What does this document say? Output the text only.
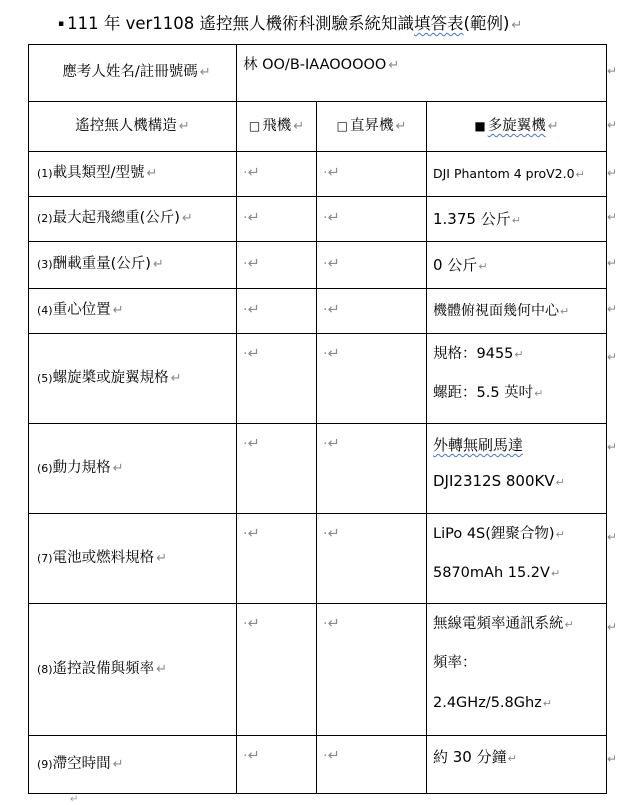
▪ 111 年 ver1108 遙控無人機術科測驗系統知識填答表(範例) ↵
應考人姓名/註冊號碼 ↵	林 OO/B-IAAOOOOO ↵		
遙控無人機構造 ↵	□ 飛機 ↵	□ 直昇機 ↵	■ 多旋翼機 ↵
(1)載具類型/型號 ↵	·↵	·↵	DJI Phantom 4 proV2.0↵
(2)最大起飛總重(公斤) ↵	·↵	·↵	1.375 公斤↵
(3)酬載重量(公斤) ↵	·↵	·↵	0 公斤↵
(4)重心位置 ↵	·↵	·↵	機體俯視面幾何中心↵
(5)螺旋槳或旋翼規格 ↵	·↵	·↵	規格：9455↵
螺距：5.5 英吋↵

(6)動力規格 ↵	·↵	·↵	外轉無刷馬達
DJI2312S 800KV↵

(7)電池或燃料規格 ↵	·↵	·↵	LiPo 4S(鋰聚合物)↵
5870mAh 15.2V↵

(8)遙控設備與頻率 ↵	·↵	·↵	無線電頻率通訊系統↵
頻率：
2.4GHz/5.8Ghz↵

(9)滯空時間 ↵	·↵	·↵	約 30 分鐘↵
↵
↵
↵
↵
↵
↵
↵
↵
↵
↵
↵
↵
